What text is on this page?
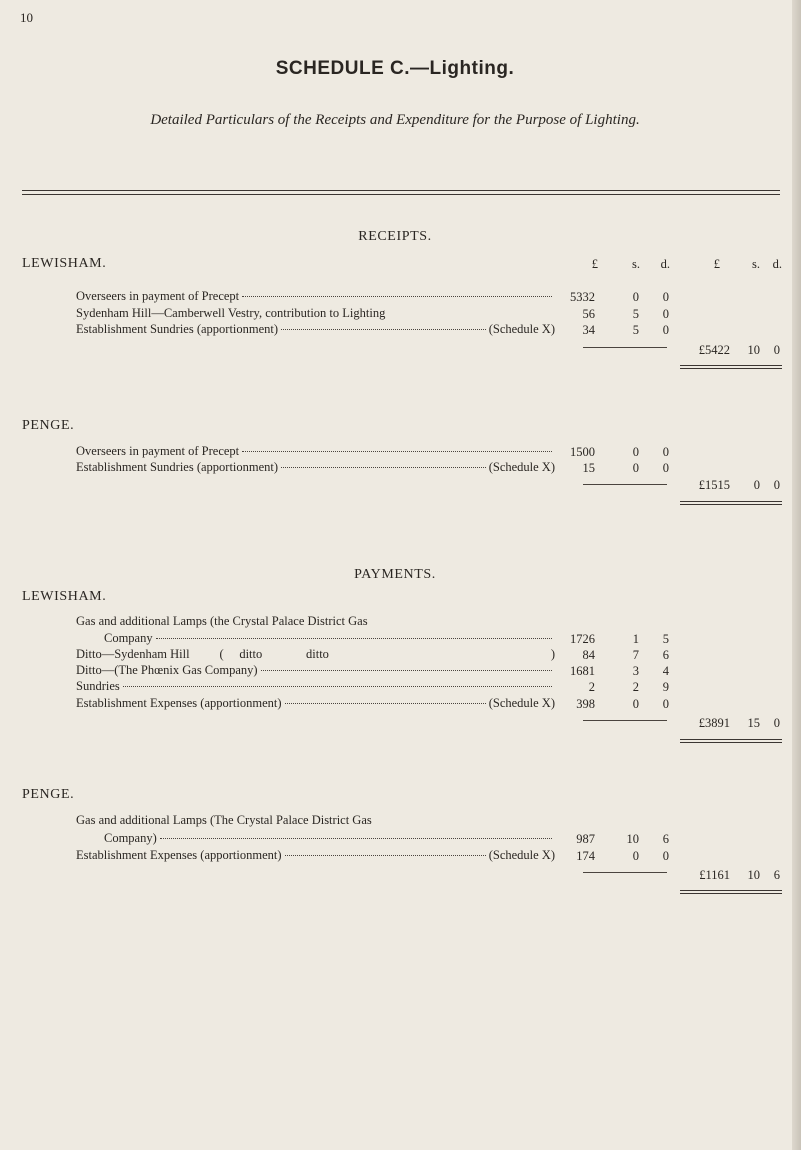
10
SCHEDULE C.—Lighting.
Detailed Particulars of the Receipts and Expenditure for the Purpose of Lighting.
RECEIPTS.
LEWISHAM.	£	s.	d.	£	s.	d.
Overseers in payment of Precept	5332	0	0
Sydenham Hill—Camberwell Vestry, contribution to Lighting	56	5	0
Establishment Sundries (apportionment)	(Schedule X)	34	5	0
£5422	10	0
PENGE.
Overseers in payment of Precept	1500	0	0
Establishment Sundries (apportionment)	(Schedule X)	15	0	0
£1515	0	0
PAYMENTS.
LEWISHAM.
Gas and additional Lamps (the Crystal Palace District Gas
Company	1726	1	5
Ditto—Sydenham Hill	(     ditto              ditto	)	84	7	6
Ditto—(The Phœnix Gas Company)	1681	3	4
Sundries	2	2	9
Establishment Expenses (apportionment)	(Schedule X)	398	0	0
£3891	15	0
PENGE.
Gas and additional Lamps (The Crystal Palace District Gas
Company)	987	10	6
Establishment Expenses (apportionment)	(Schedule X)	174	0	0
£1161	10	6
